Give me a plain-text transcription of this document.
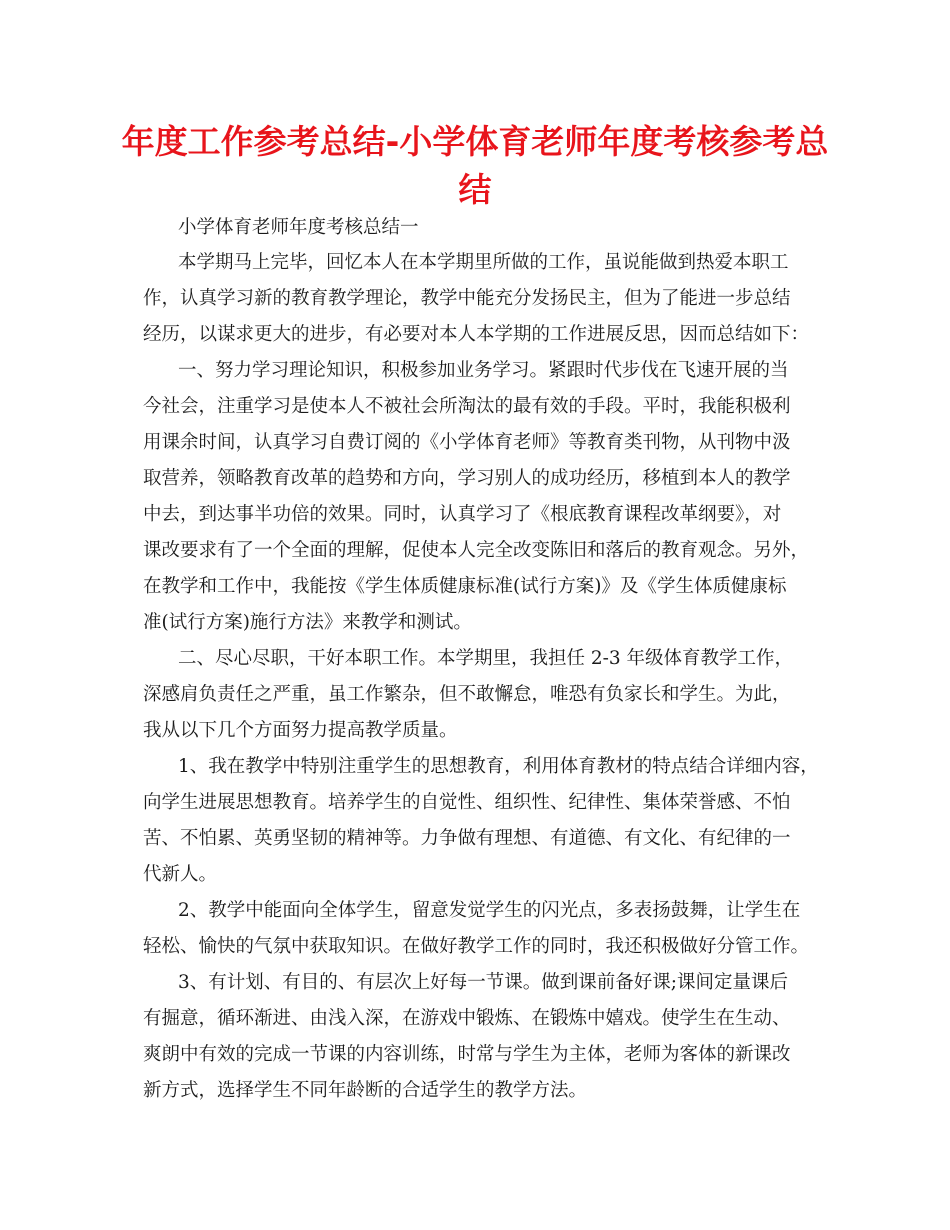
年度工作参考总结-小学体育老师年度考核参考总
结

小学体育老师年度考核总结一

本学期马上完毕，回忆本人在本学期里所做的工作，虽说能做到热爱本职工

作，认真学习新的教育教学理论，教学中能充分发扬民主，但为了能进一步总结

经历，以谋求更大的进步，有必要对本人本学期的工作进展反思，因而总结如下：

一、努力学习理论知识，积极参加业务学习。紧跟时代步伐在飞速开展的当

今社会，注重学习是使本人不被社会所淘汰的最有效的手段。平时，我能积极利

用课余时间，认真学习自费订阅的《小学体育老师》等教育类刊物，从刊物中汲

取营养，领略教育改革的趋势和方向，学习别人的成功经历，移植到本人的教学

中去，到达事半功倍的效果。同时，认真学习了《根底教育课程改革纲要》，对

课改要求有了一个全面的理解，促使本人完全改变陈旧和落后的教育观念。另外，

在教学和工作中，我能按《学生体质健康标准(试行方案)》及《学生体质健康标

准(试行方案)施行方法》来教学和测试。

二、尽心尽职，干好本职工作。本学期里，我担任 2-3 年级体育教学工作，

深感肩负责任之严重，虽工作繁杂，但不敢懈怠，唯恐有负家长和学生。为此，

我从以下几个方面努力提高教学质量。

1、我在教学中特别注重学生的思想教育，利用体育教材的特点结合详细内容，

向学生进展思想教育。培养学生的自觉性、组织性、纪律性、集体荣誉感、不怕

苦、不怕累、英勇坚韧的精神等。力争做有理想、有道德、有文化、有纪律的一

代新人。

2、教学中能面向全体学生，留意发觉学生的闪光点，多表扬鼓舞，让学生在

轻松、愉快的气氛中获取知识。在做好教学工作的同时，我还积极做好分管工作。

3、有计划、有目的、有层次上好每一节课。做到课前备好课;课间定量课后

有掘意，循环渐进、由浅入深，在游戏中锻炼、在锻炼中嬉戏。使学生在生动、

爽朗中有效的完成一节课的内容训练，时常与学生为主体，老师为客体的新课改

新方式，选择学生不同年龄断的合适学生的教学方法。
